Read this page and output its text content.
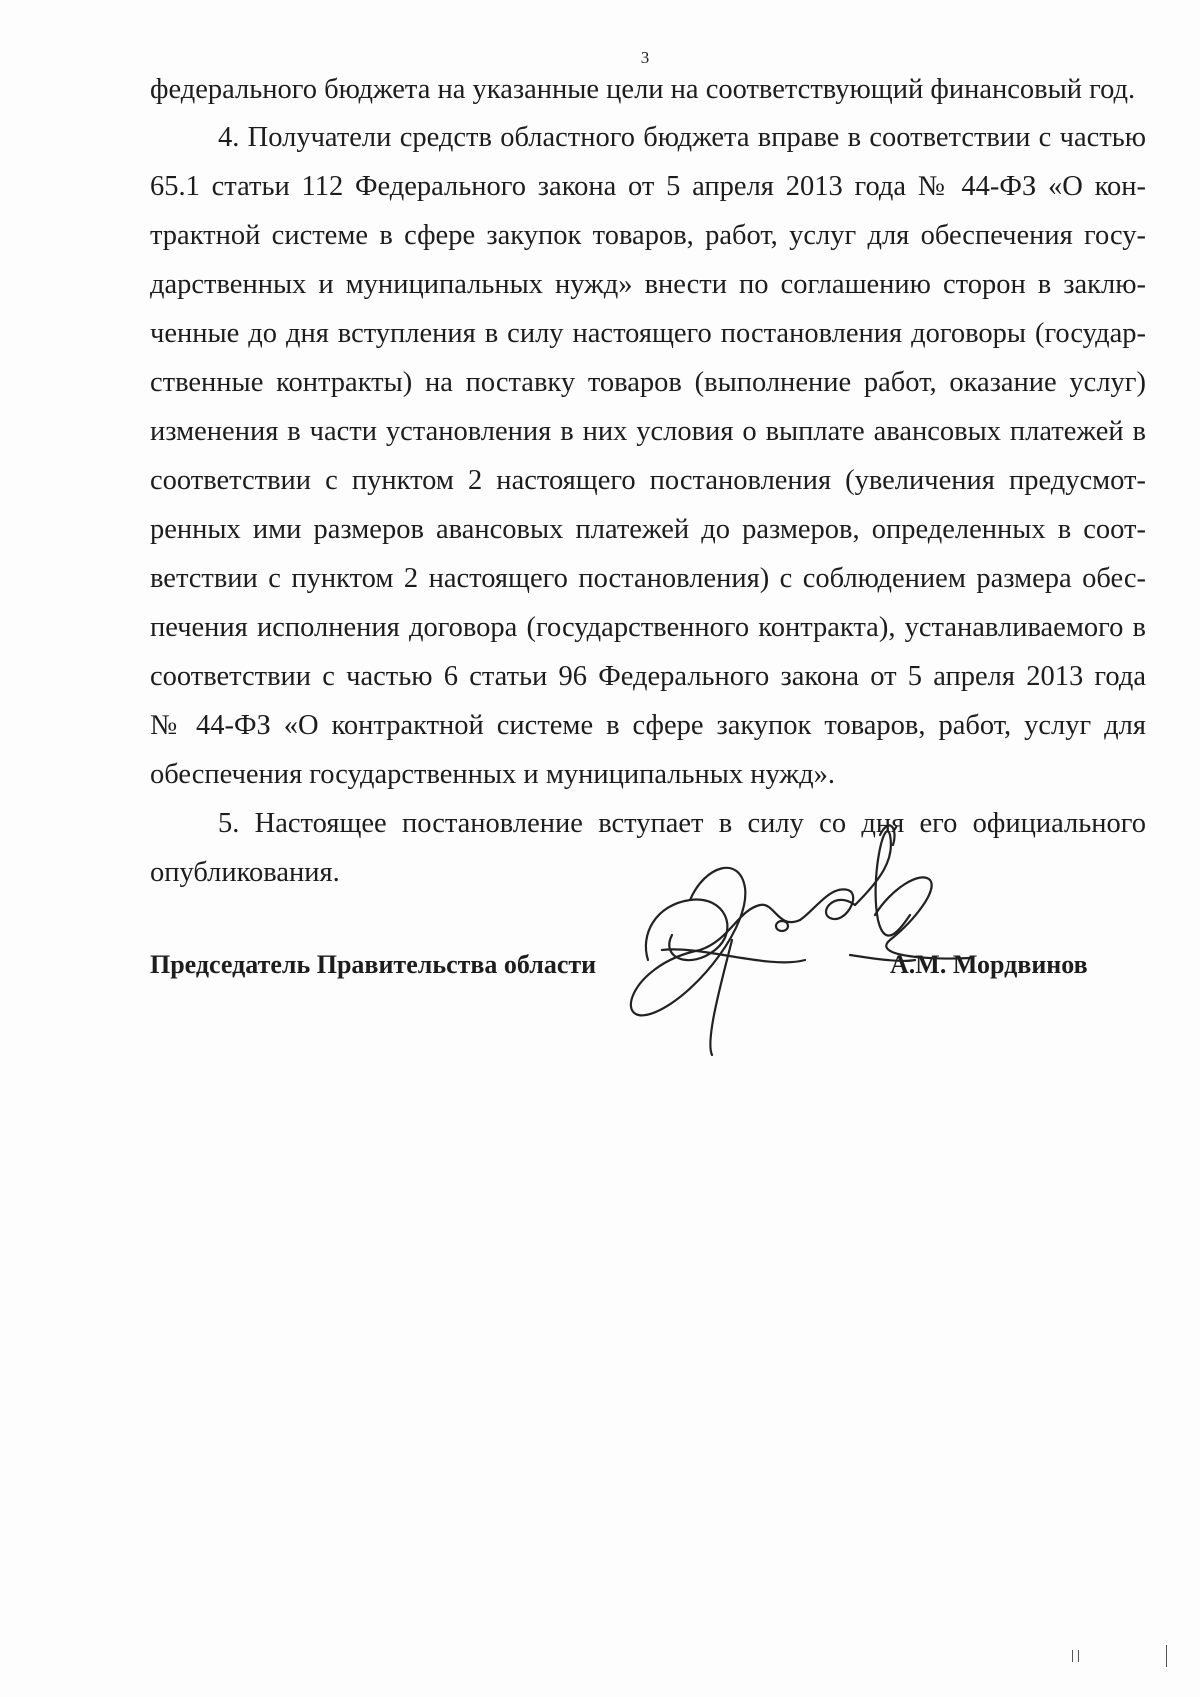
3
федерального бюджета на указанные цели на соответствующий финансовый год.
4. Получатели средств областного бюджета вправе в соответствии с частью
65.1 статьи 112 Федерального закона от 5 апреля 2013 года № 44-ФЗ «О кон-
трактной системе в сфере закупок товаров, работ, услуг для обеспечения госу-
дарственных и муниципальных нужд» внести по соглашению сторон в заклю-
ченные до дня вступления в силу настоящего постановления договоры (государ-
ственные контракты) на поставку товаров (выполнение работ, оказание услуг)
изменения в части установления в них условия о выплате авансовых платежей в
соответствии с пунктом 2 настоящего постановления (увеличения предусмот-
ренных ими размеров авансовых платежей до размеров, определенных в соот-
ветствии с пунктом 2 настоящего постановления) с соблюдением размера обес-
печения исполнения договора (государственного контракта), устанавливаемого в
соответствии с частью 6 статьи 96 Федерального закона от 5 апреля 2013 года
№ 44-ФЗ «О контрактной системе в сфере закупок товаров, работ, услуг для
обеспечения государственных и муниципальных нужд».
5. Настоящее постановление вступает в силу со дня его официального
опубликования.
Председатель Правительства области	А.М. Мордвинов
